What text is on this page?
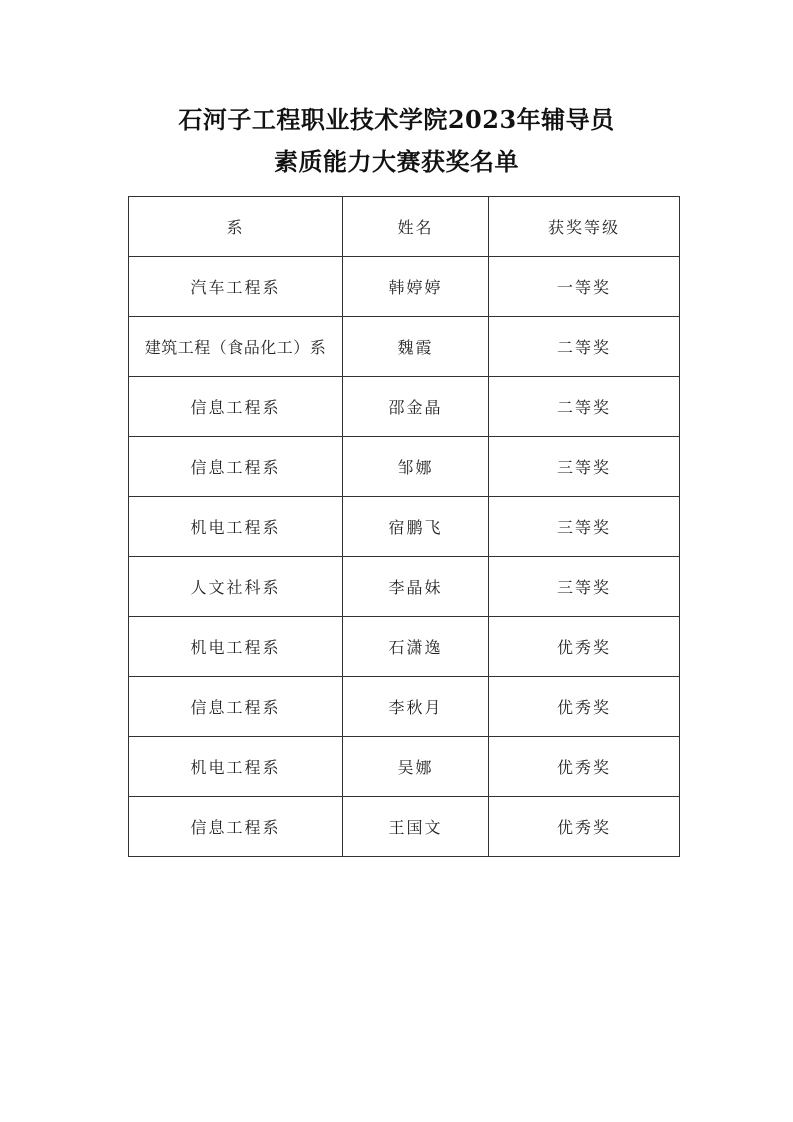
石河子工程职业技术学院2023年辅导员
素质能力大赛获奖名单
系	姓名	获奖等级
汽车工程系	韩婷婷	一等奖
建筑工程（食品化工）系	魏霞	二等奖
信息工程系	邵金晶	二等奖
信息工程系	邹娜	三等奖
机电工程系	宿鹏飞	三等奖
人文社科系	李晶妹	三等奖
机电工程系	石潇逸	优秀奖
信息工程系	李秋月	优秀奖
机电工程系	吴娜	优秀奖
信息工程系	王国文	优秀奖
